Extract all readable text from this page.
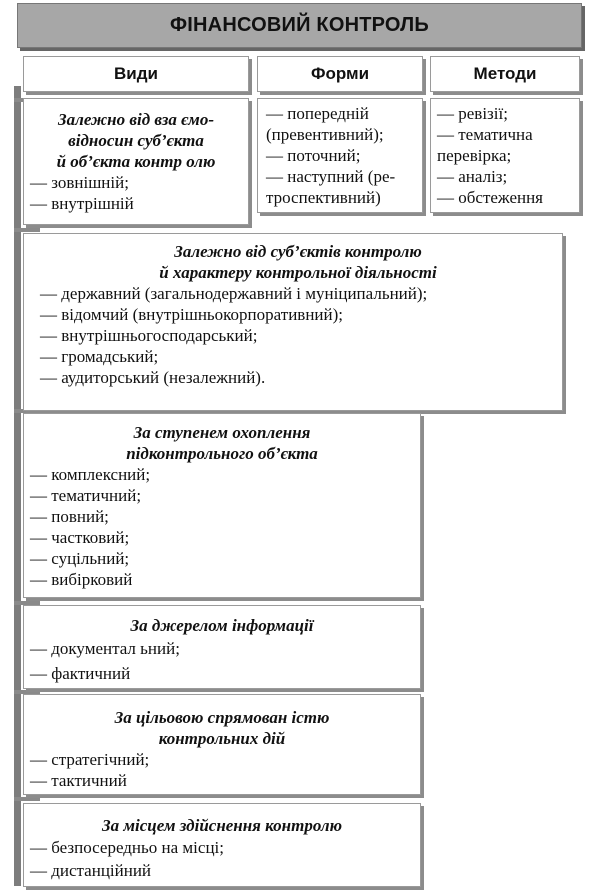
ФІНАНСОВИЙ КОНТРОЛЬ
Види	Форми	Методи

Залежно від вза ємо-
відносин суб’єкта
й об’єкта контр олю

— зовнішній;
— внутрішній
— попередній
(превентивний);
— поточний;
— наступний (ре-
троспективний)
— ревізії;
— тематична
перевірка;
— аналіз;
— обстеження

Залежно від суб’єктів контролю
й характеру контрольної діяльності

— державний (загальнодержавний і муніципальний);
— відомчий (внутрішньокорпоративний);
— внутрішньогосподарський;
— громадський;
— аудиторський (незалежний).

За ступенем охоплення
підконтрольного об’єкта

— комплексний;
— тематичний;
— повний;
— частковий;
— суцільний;
— вибірковий

За джерелом інформації

— документал ьний;
— фактичний

За цільовою спрямован істю
контрольних дій

— стратегічний;
— тактичний

За місцем здійснення контролю

— безпосередньо на місці;
— дистанційний
